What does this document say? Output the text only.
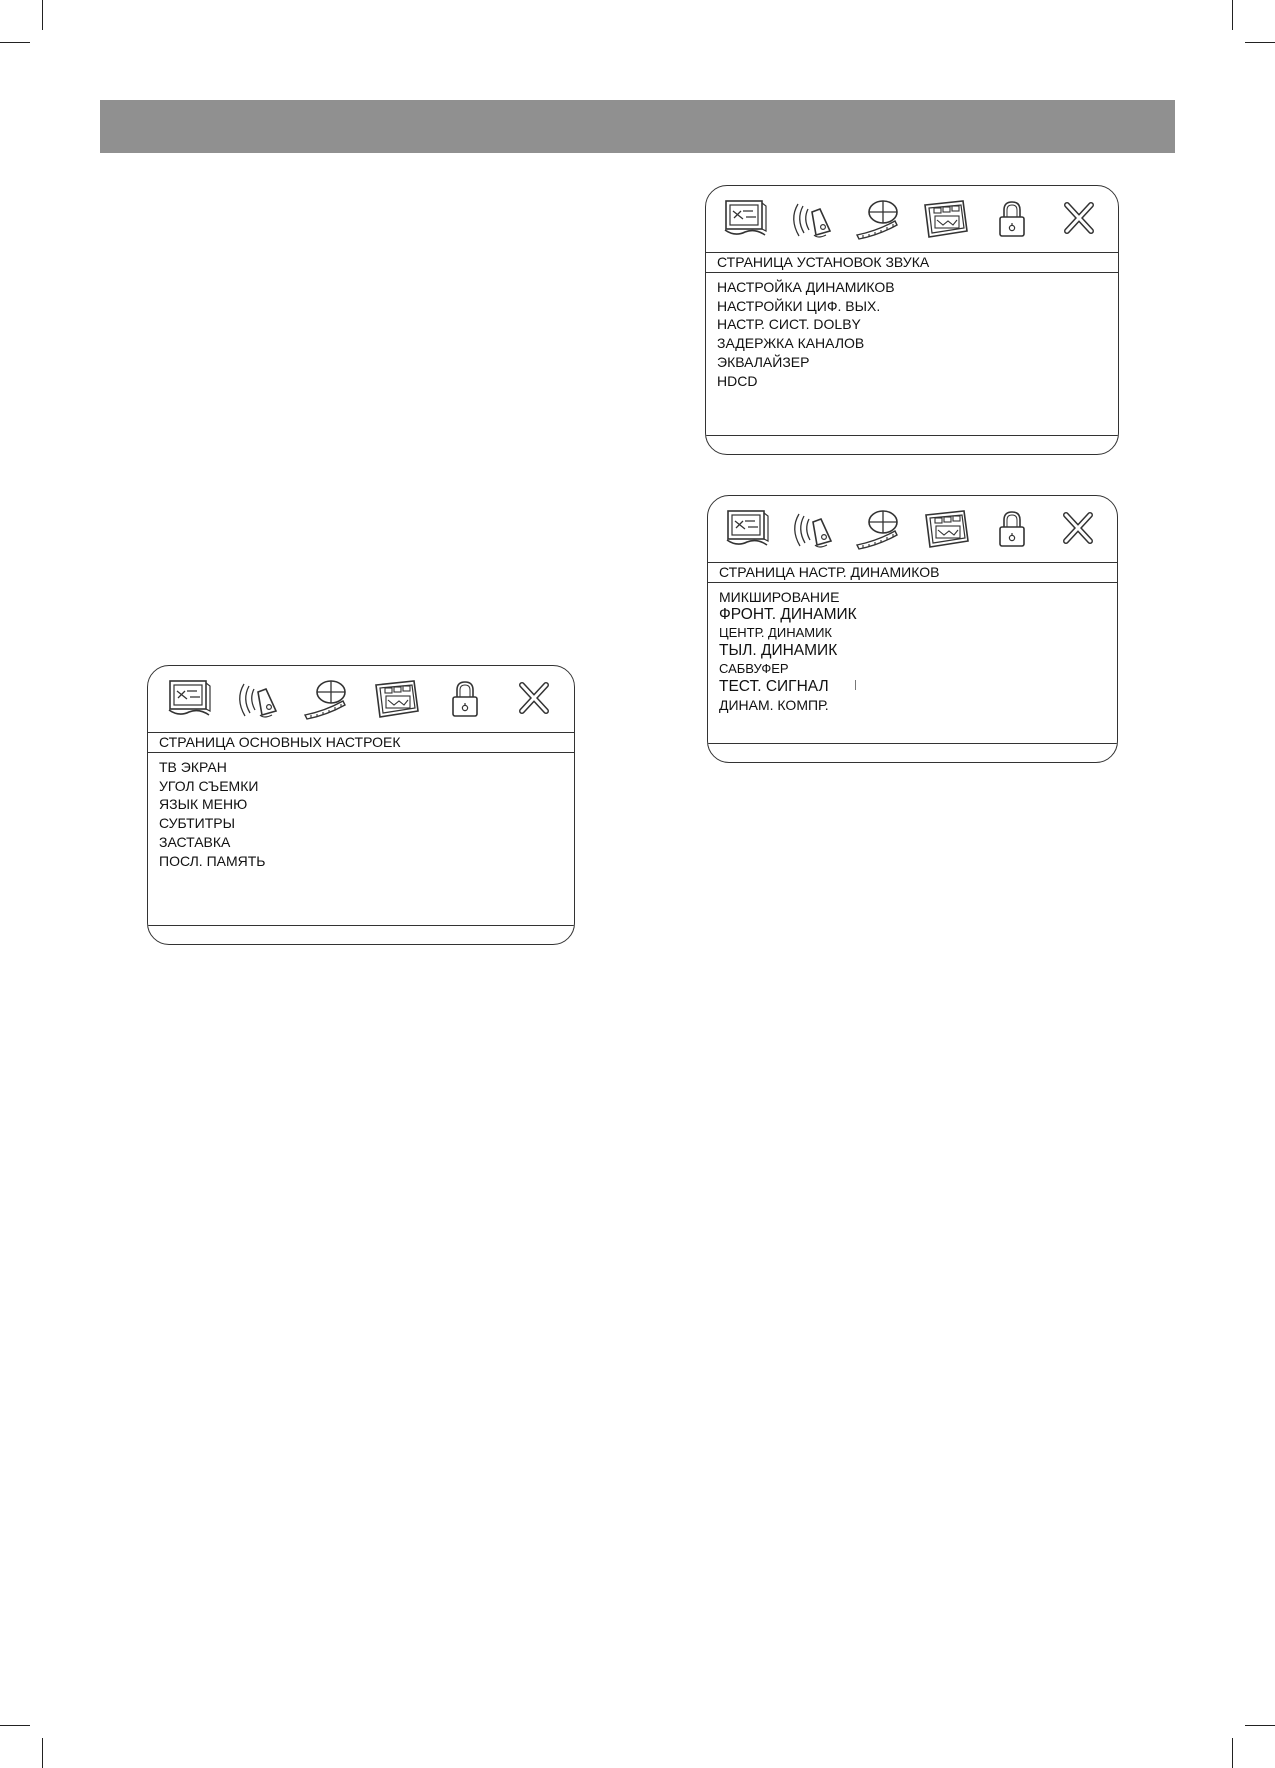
СТРАНИЦА ОСНОВНЫХ НАСТРОЕК
ТВ ЭКРАН
УГОЛ СЪЕМКИ
ЯЗЫК МЕНЮ
СУБТИТРЫ
ЗАСТАВКА
ПОСЛ. ПАМЯТЬ
СТРАНИЦА УСТАНОВОК ЗВУКА
НАСТРОЙКА ДИНАМИКОВ
НАСТРОЙКИ ЦИФ. ВЫХ.
НАСТР. СИСТ. DOLBY
ЗАДЕРЖКА КАНАЛОВ
ЭКВАЛАЙЗЕР
HDCD
СТРАНИЦА НАСТР. ДИНАМИКОВ
МИКШИРОВАНИЕ
ФРОНТ. ДИНАМИК
ЦЕНТР. ДИНАМИК
ТЫЛ. ДИНАМИК
САБВУФЕР
ТЕСТ. СИГНАЛ
ДИНАМ. КОМПР.
